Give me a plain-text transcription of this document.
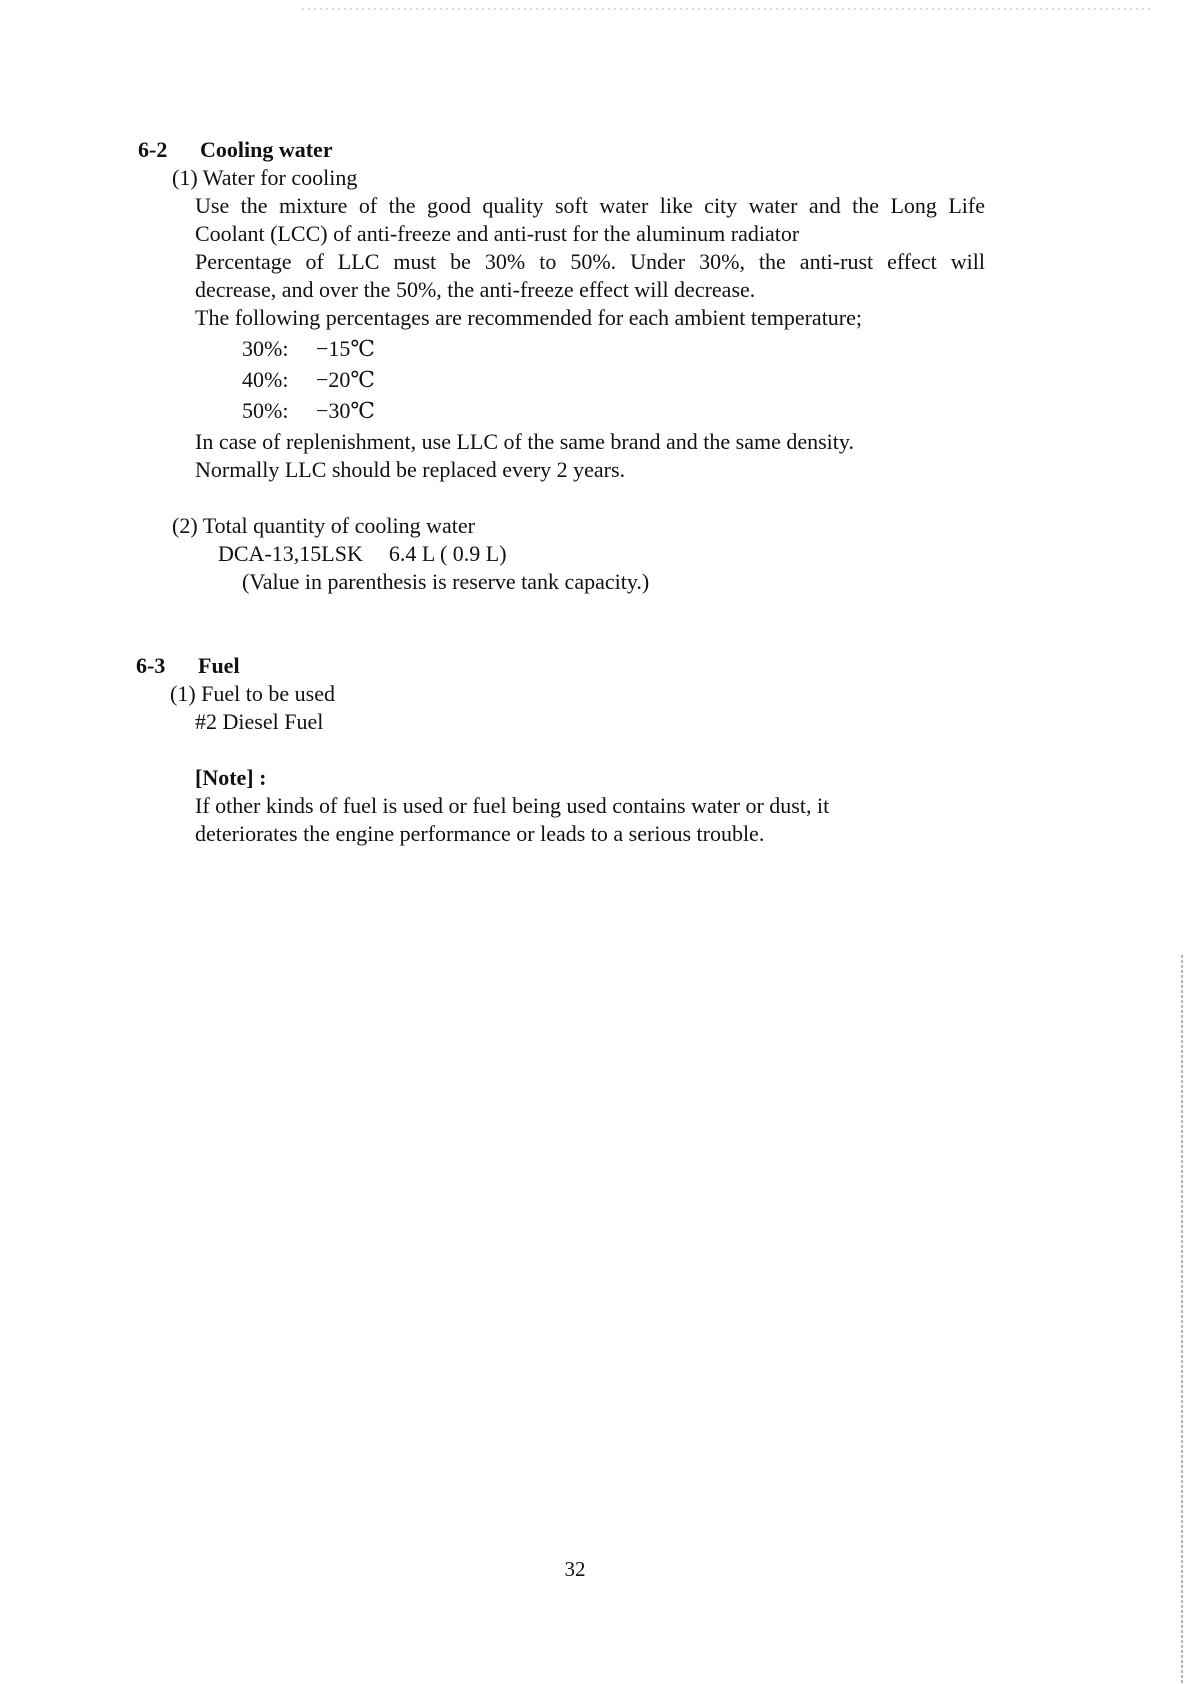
6-2 Cooling water
(1) Water for cooling
Use the mixture of the good quality soft water like city water and the Long Life
Coolant (LCC) of anti-freeze and anti-rust for the aluminum radiator
Percentage of LLC must be 30% to 50%. Under 30%, the anti-rust effect will
decrease, and over the 50%, the anti-freeze effect will decrease.
The following percentages are recommended for each ambient temperature;
30%: −15℃
40%: −20℃
50%: −30℃
In case of replenishment, use LLC of the same brand and the same density.
Normally LLC should be replaced every 2 years.
(2) Total quantity of cooling water
DCA-13,15LSK 6.4 L ( 0.9 L)
(Value in parenthesis is reserve tank capacity.)
6-3 Fuel
(1) Fuel to be used
#2 Diesel Fuel
[Note] :
If other kinds of fuel is used or fuel being used contains water or dust, it
deteriorates the engine performance or leads to a serious trouble.
32
